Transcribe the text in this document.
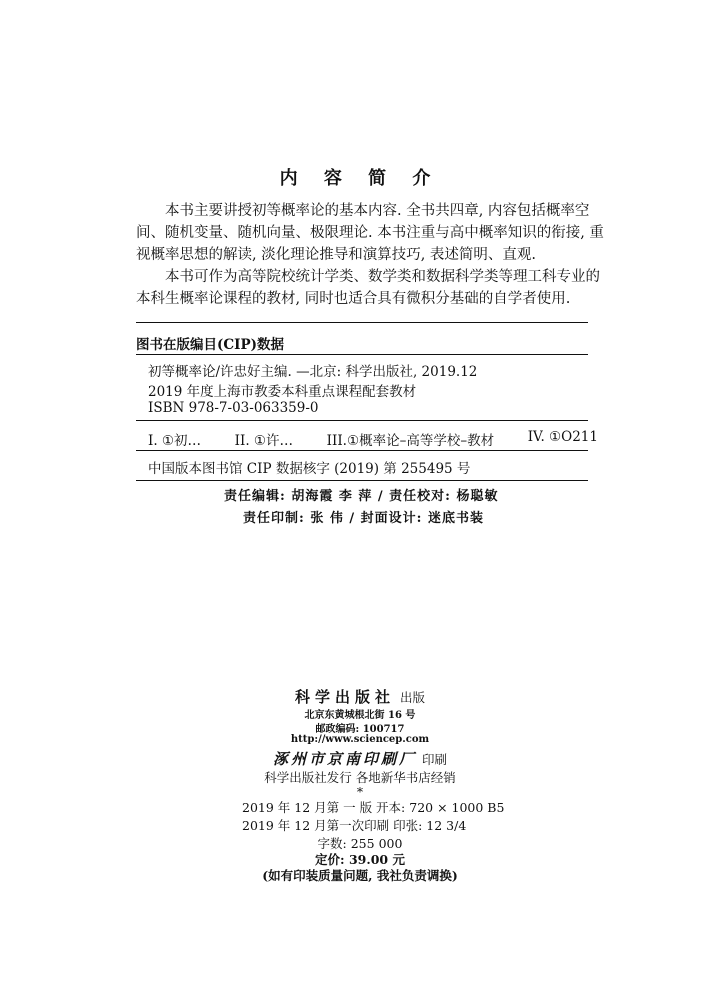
内 容 简 介

本书主要讲授初等概率论的基本内容. 全书共四章, 内容包括概率空

间、随机变量、随机向量、极限理论. 本书注重与高中概率知识的衔接, 重

视概率思想的解读, 淡化理论推导和演算技巧, 表述简明、直观.

本书可作为高等院校统计学类、数学类和数据科学类等理工科专业的

本科生概率论课程的教材, 同时也适合具有微积分基础的自学者使用.

图书在版编目(CIP)数据
初等概率论/许忠好主编. —北京: 科学出版社, 2019.12
2019 年度上海市教委本科重点课程配套教材
ISBN 978-7-03-063359-0
I. ①初… II. ①许… III.①概率论–高等学校–教材 IV. ①O211
中国版本图书馆 CIP 数据核字 (2019) 第 255495 号
责任编辑: 胡海霞 李 萍 / 责任校对: 杨聪敏
责任印制: 张 伟 / 封面设计: 迷底书装
科学出版社 出版
北京东黄城根北街 16 号
邮政编码: 100717
http://www.sciencep.com
涿州市京南印刷厂 印刷
科学出版社发行 各地新华书店经销
*
2019 年 12 月第 一 版 开本: 720 × 1000 B5
2019 年 12 月第一次印刷 印张: 12 3/4
字数: 255 000
定价: 39.00 元
(如有印装质量问题, 我社负责调换)
